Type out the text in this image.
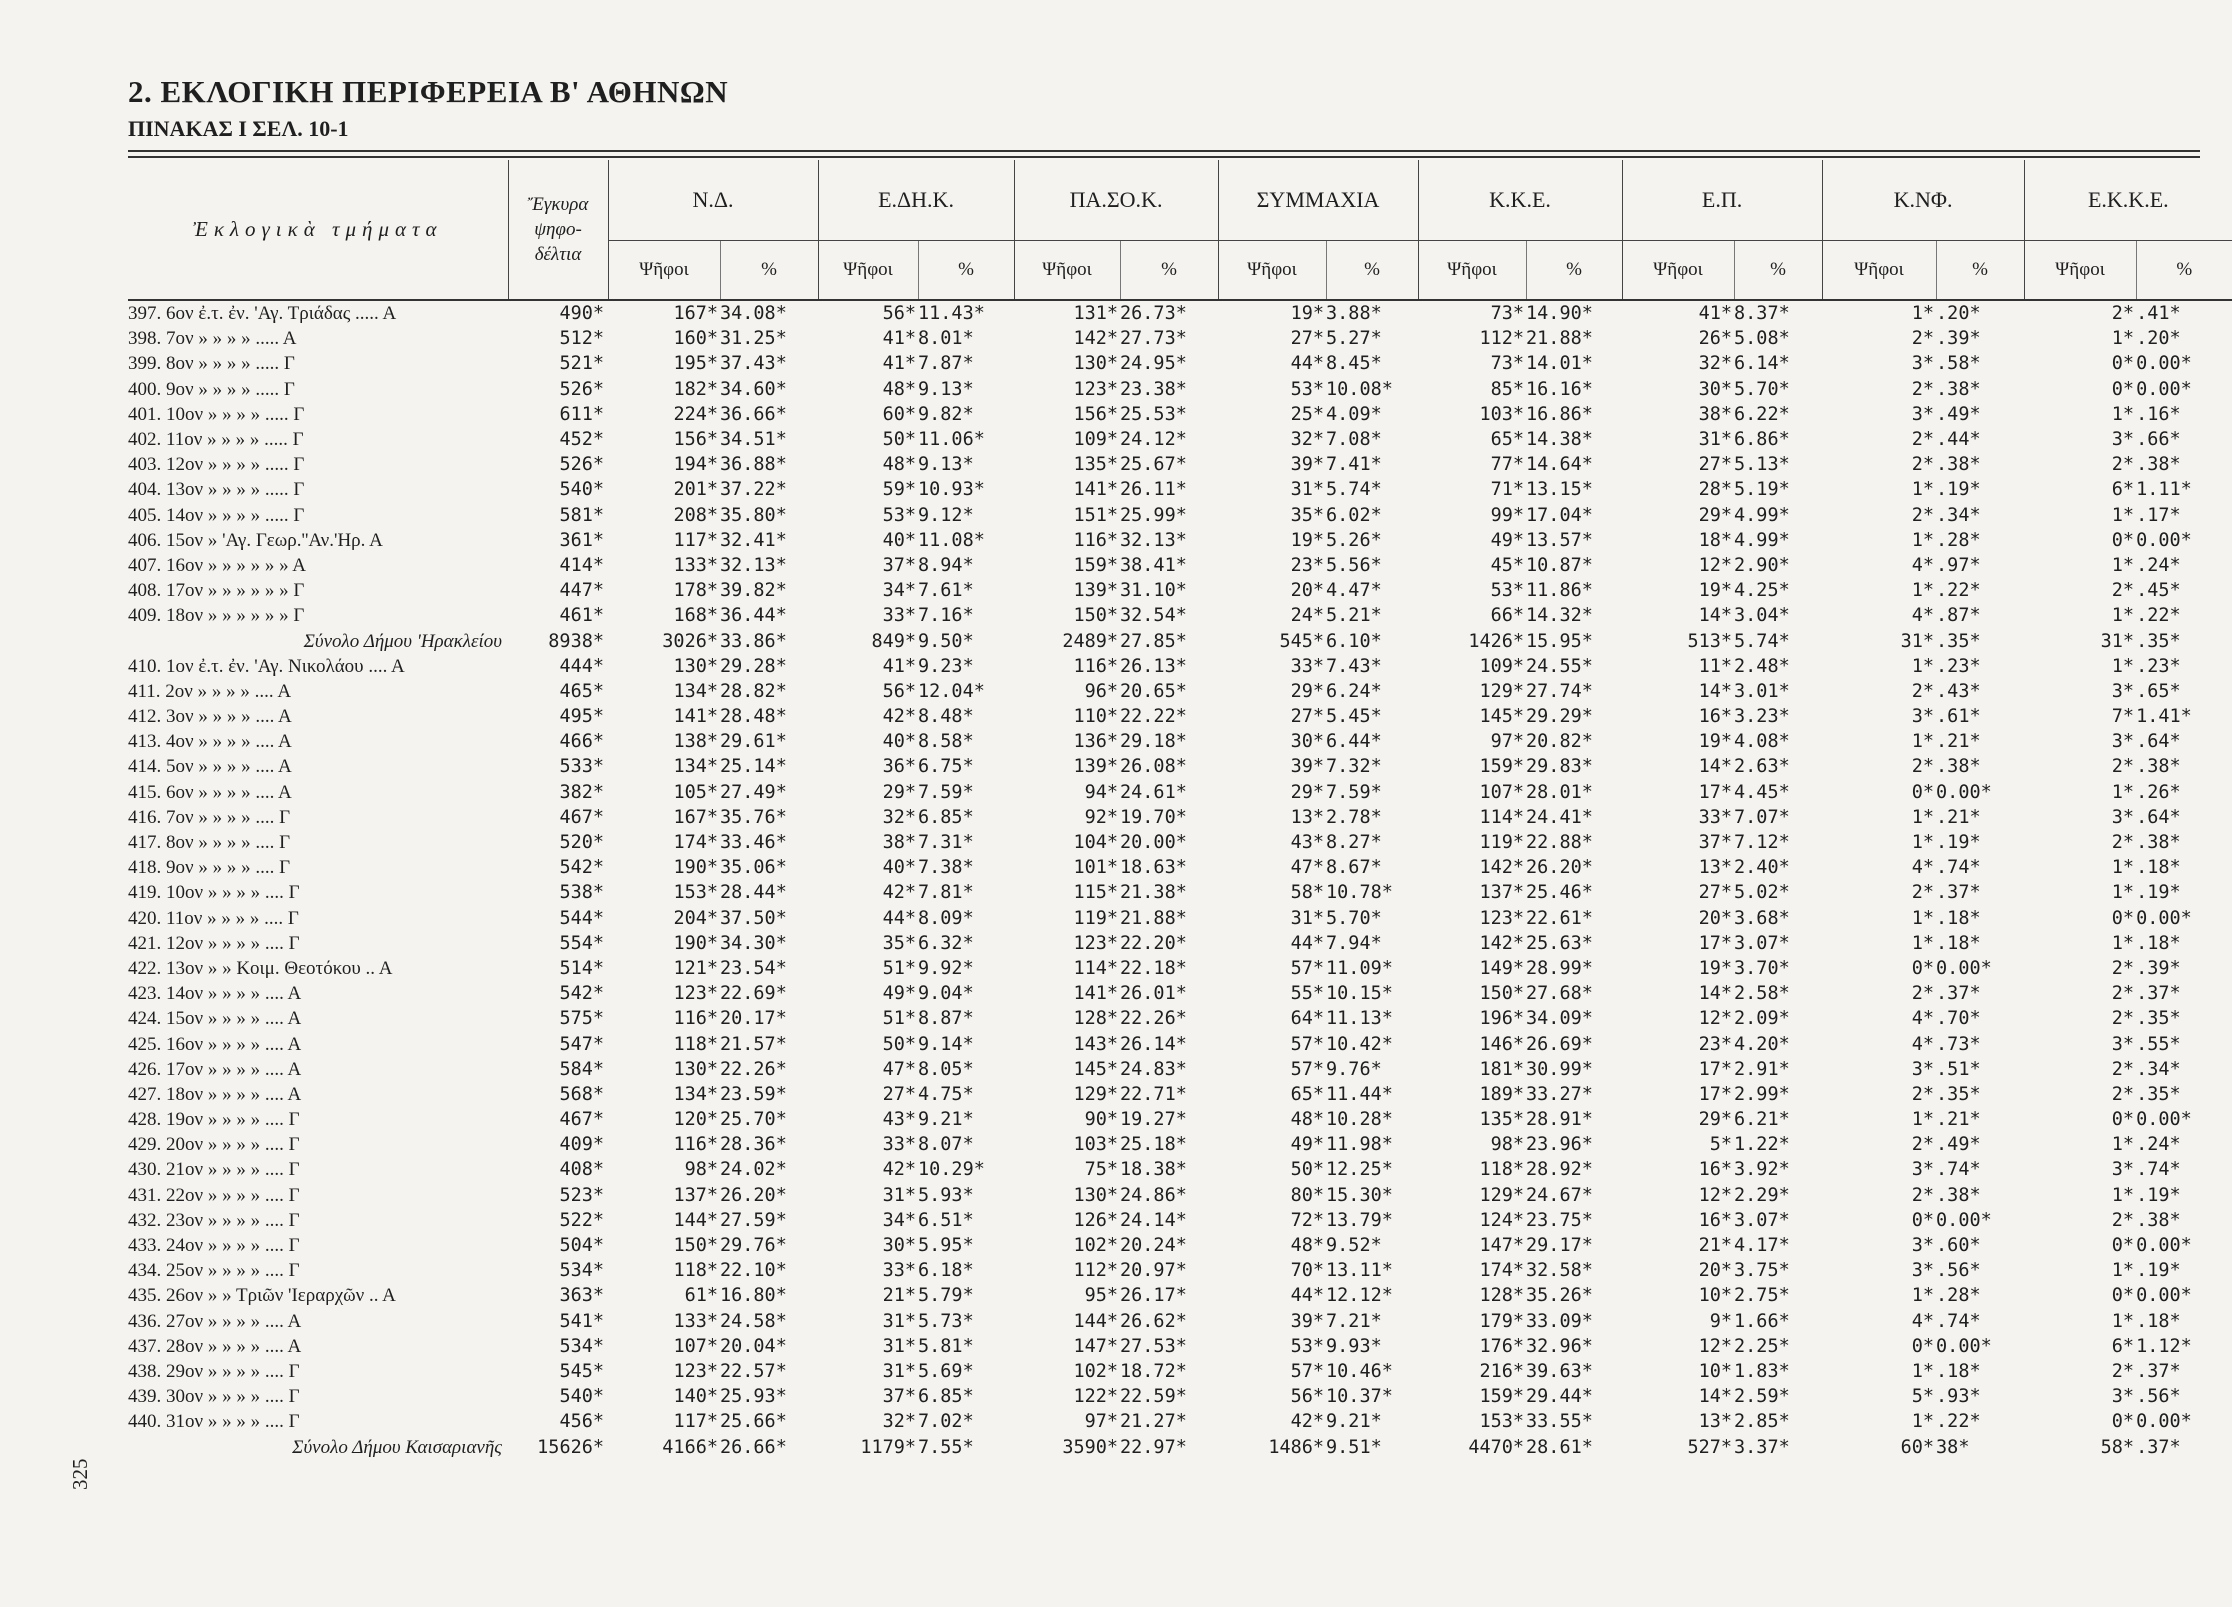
2. ΕΚΛΟΓΙΚΗ ΠΕΡΙΦΕΡΕΙΑ Β' ΑΘΗΝΩΝ
ΠΙΝΑΚΑΣ Ι ΣΕΛ. 10-1
Ἐκλογικὰ τμήματα	Ἔγκυρα
ψηφο-
δέλτια	Ν.Δ.		Ε.ΔΗ.Κ.		ΠΑ.ΣΟ.Κ.		ΣΥΜΜΑΧΙΑ		Κ.Κ.Ε.		Ε.Π.		Κ.ΝΦ.		Ε.Κ.Κ.Ε.	
		Ψῆφοι	%	Ψῆφοι	%	Ψῆφοι	%	Ψῆφοι	%	Ψῆφοι	%	Ψῆφοι	%	Ψῆφοι	%	Ψῆφοι	%
397. 6ον ἐ.τ. ἐν. 'Αγ. Τριάδας ..... Α	490*	167*	34.08*	56*	11.43*	131*	26.73*	19*	3.88*	73*	14.90*	41*	8.37*	1*	.20*	2*	.41*
398. 7ον » » » » ..... Α	512*	160*	31.25*	41*	8.01*	142*	27.73*	27*	5.27*	112*	21.88*	26*	5.08*	2*	.39*	1*	.20*
399. 8ον » » » » ..... Γ	521*	195*	37.43*	41*	7.87*	130*	24.95*	44*	8.45*	73*	14.01*	32*	6.14*	3*	.58*	0*	0.00*
400. 9ον » » » » ..... Γ	526*	182*	34.60*	48*	9.13*	123*	23.38*	53*	10.08*	85*	16.16*	30*	5.70*	2*	.38*	0*	0.00*
401. 10ον » » » » ..... Γ	611*	224*	36.66*	60*	9.82*	156*	25.53*	25*	4.09*	103*	16.86*	38*	6.22*	3*	.49*	1*	.16*
402. 11ον » » » » ..... Γ	452*	156*	34.51*	50*	11.06*	109*	24.12*	32*	7.08*	65*	14.38*	31*	6.86*	2*	.44*	3*	.66*
403. 12ον » » » » ..... Γ	526*	194*	36.88*	48*	9.13*	135*	25.67*	39*	7.41*	77*	14.64*	27*	5.13*	2*	.38*	2*	.38*
404. 13ον » » » » ..... Γ	540*	201*	37.22*	59*	10.93*	141*	26.11*	31*	5.74*	71*	13.15*	28*	5.19*	1*	.19*	6*	1.11*
405. 14ον » » » » ..... Γ	581*	208*	35.80*	53*	9.12*	151*	25.99*	35*	6.02*	99*	17.04*	29*	4.99*	2*	.34*	1*	.17*
406. 15ον » 'Αγ. Γεωρ.''Αν.'Ηρ. Α	361*	117*	32.41*	40*	11.08*	116*	32.13*	19*	5.26*	49*	13.57*	18*	4.99*	1*	.28*	0*	0.00*
407. 16ον » » » » » » Α	414*	133*	32.13*	37*	8.94*	159*	38.41*	23*	5.56*	45*	10.87*	12*	2.90*	4*	.97*	1*	.24*
408. 17ον » » » » » » Γ	447*	178*	39.82*	34*	7.61*	139*	31.10*	20*	4.47*	53*	11.86*	19*	4.25*	1*	.22*	2*	.45*
409. 18ον » » » » » » Γ	461*	168*	36.44*	33*	7.16*	150*	32.54*	24*	5.21*	66*	14.32*	14*	3.04*	4*	.87*	1*	.22*
Σύνολο Δήμου 'Ηρακλείου	8938*	3026*	33.86*	849*	9.50*	2489*	27.85*	545*	6.10*	1426*	15.95*	513*	5.74*	31*	.35*	31*	.35*
410. 1ον ἐ.τ. ἐν. 'Αγ. Νικολάου .... Α	444*	130*	29.28*	41*	9.23*	116*	26.13*	33*	7.43*	109*	24.55*	11*	2.48*	1*	.23*	1*	.23*
411. 2ον » » » » .... Α	465*	134*	28.82*	56*	12.04*	96*	20.65*	29*	6.24*	129*	27.74*	14*	3.01*	2*	.43*	3*	.65*
412. 3ον » » » » .... Α	495*	141*	28.48*	42*	8.48*	110*	22.22*	27*	5.45*	145*	29.29*	16*	3.23*	3*	.61*	7*	1.41*
413. 4ον » » » » .... Α	466*	138*	29.61*	40*	8.58*	136*	29.18*	30*	6.44*	97*	20.82*	19*	4.08*	1*	.21*	3*	.64*
414. 5ον » » » » .... Α	533*	134*	25.14*	36*	6.75*	139*	26.08*	39*	7.32*	159*	29.83*	14*	2.63*	2*	.38*	2*	.38*
415. 6ον » » » » .... Α	382*	105*	27.49*	29*	7.59*	94*	24.61*	29*	7.59*	107*	28.01*	17*	4.45*	0*	0.00*	1*	.26*
416. 7ον » » » » .... Γ	467*	167*	35.76*	32*	6.85*	92*	19.70*	13*	2.78*	114*	24.41*	33*	7.07*	1*	.21*	3*	.64*
417. 8ον » » » » .... Γ	520*	174*	33.46*	38*	7.31*	104*	20.00*	43*	8.27*	119*	22.88*	37*	7.12*	1*	.19*	2*	.38*
418. 9ον » » » » .... Γ	542*	190*	35.06*	40*	7.38*	101*	18.63*	47*	8.67*	142*	26.20*	13*	2.40*	4*	.74*	1*	.18*
419. 10ον » » » » .... Γ	538*	153*	28.44*	42*	7.81*	115*	21.38*	58*	10.78*	137*	25.46*	27*	5.02*	2*	.37*	1*	.19*
420. 11ον » » » » .... Γ	544*	204*	37.50*	44*	8.09*	119*	21.88*	31*	5.70*	123*	22.61*	20*	3.68*	1*	.18*	0*	0.00*
421. 12ον » » » » .... Γ	554*	190*	34.30*	35*	6.32*	123*	22.20*	44*	7.94*	142*	25.63*	17*	3.07*	1*	.18*	1*	.18*
422. 13ον » » Κοιμ. Θεοτόκου .. Α	514*	121*	23.54*	51*	9.92*	114*	22.18*	57*	11.09*	149*	28.99*	19*	3.70*	0*	0.00*	2*	.39*
423. 14ον » » » » .... Α	542*	123*	22.69*	49*	9.04*	141*	26.01*	55*	10.15*	150*	27.68*	14*	2.58*	2*	.37*	2*	.37*
424. 15ον » » » » .... Α	575*	116*	20.17*	51*	8.87*	128*	22.26*	64*	11.13*	196*	34.09*	12*	2.09*	4*	.70*	2*	.35*
425. 16ον » » » » .... Α	547*	118*	21.57*	50*	9.14*	143*	26.14*	57*	10.42*	146*	26.69*	23*	4.20*	4*	.73*	3*	.55*
426. 17ον » » » » .... Α	584*	130*	22.26*	47*	8.05*	145*	24.83*	57*	9.76*	181*	30.99*	17*	2.91*	3*	.51*	2*	.34*
427. 18ον » » » » .... Α	568*	134*	23.59*	27*	4.75*	129*	22.71*	65*	11.44*	189*	33.27*	17*	2.99*	2*	.35*	2*	.35*
428. 19ον » » » » .... Γ	467*	120*	25.70*	43*	9.21*	90*	19.27*	48*	10.28*	135*	28.91*	29*	6.21*	1*	.21*	0*	0.00*
429. 20ον » » » » .... Γ	409*	116*	28.36*	33*	8.07*	103*	25.18*	49*	11.98*	98*	23.96*	5*	1.22*	2*	.49*	1*	.24*
430. 21ον » » » » .... Γ	408*	98*	24.02*	42*	10.29*	75*	18.38*	50*	12.25*	118*	28.92*	16*	3.92*	3*	.74*	3*	.74*
431. 22ον » » » » .... Γ	523*	137*	26.20*	31*	5.93*	130*	24.86*	80*	15.30*	129*	24.67*	12*	2.29*	2*	.38*	1*	.19*
432. 23ον » » » » .... Γ	522*	144*	27.59*	34*	6.51*	126*	24.14*	72*	13.79*	124*	23.75*	16*	3.07*	0*	0.00*	2*	.38*
433. 24ον » » » » .... Γ	504*	150*	29.76*	30*	5.95*	102*	20.24*	48*	9.52*	147*	29.17*	21*	4.17*	3*	.60*	0*	0.00*
434. 25ον » » » » .... Γ	534*	118*	22.10*	33*	6.18*	112*	20.97*	70*	13.11*	174*	32.58*	20*	3.75*	3*	.56*	1*	.19*
435. 26ον » » Τριῶν 'Ιεραρχῶν .. Α	363*	61*	16.80*	21*	5.79*	95*	26.17*	44*	12.12*	128*	35.26*	10*	2.75*	1*	.28*	0*	0.00*
436. 27ον » » » » .... Α	541*	133*	24.58*	31*	5.73*	144*	26.62*	39*	7.21*	179*	33.09*	9*	1.66*	4*	.74*	1*	.18*
437. 28ον » » » » .... Α	534*	107*	20.04*	31*	5.81*	147*	27.53*	53*	9.93*	176*	32.96*	12*	2.25*	0*	0.00*	6*	1.12*
438. 29ον » » » » .... Γ	545*	123*	22.57*	31*	5.69*	102*	18.72*	57*	10.46*	216*	39.63*	10*	1.83*	1*	.18*	2*	.37*
439. 30ον » » » » .... Γ	540*	140*	25.93*	37*	6.85*	122*	22.59*	56*	10.37*	159*	29.44*	14*	2.59*	5*	.93*	3*	.56*
440. 31ον » » » » .... Γ	456*	117*	25.66*	32*	7.02*	97*	21.27*	42*	9.21*	153*	33.55*	13*	2.85*	1*	.22*	0*	0.00*
Σύνολο Δήμου Καισαριανῆς	15626*	4166*	26.66*	1179*	7.55*	3590*	22.97*	1486*	9.51*	4470*	28.61*	527*	3.37*	60*	38*	58*	.37*
325
